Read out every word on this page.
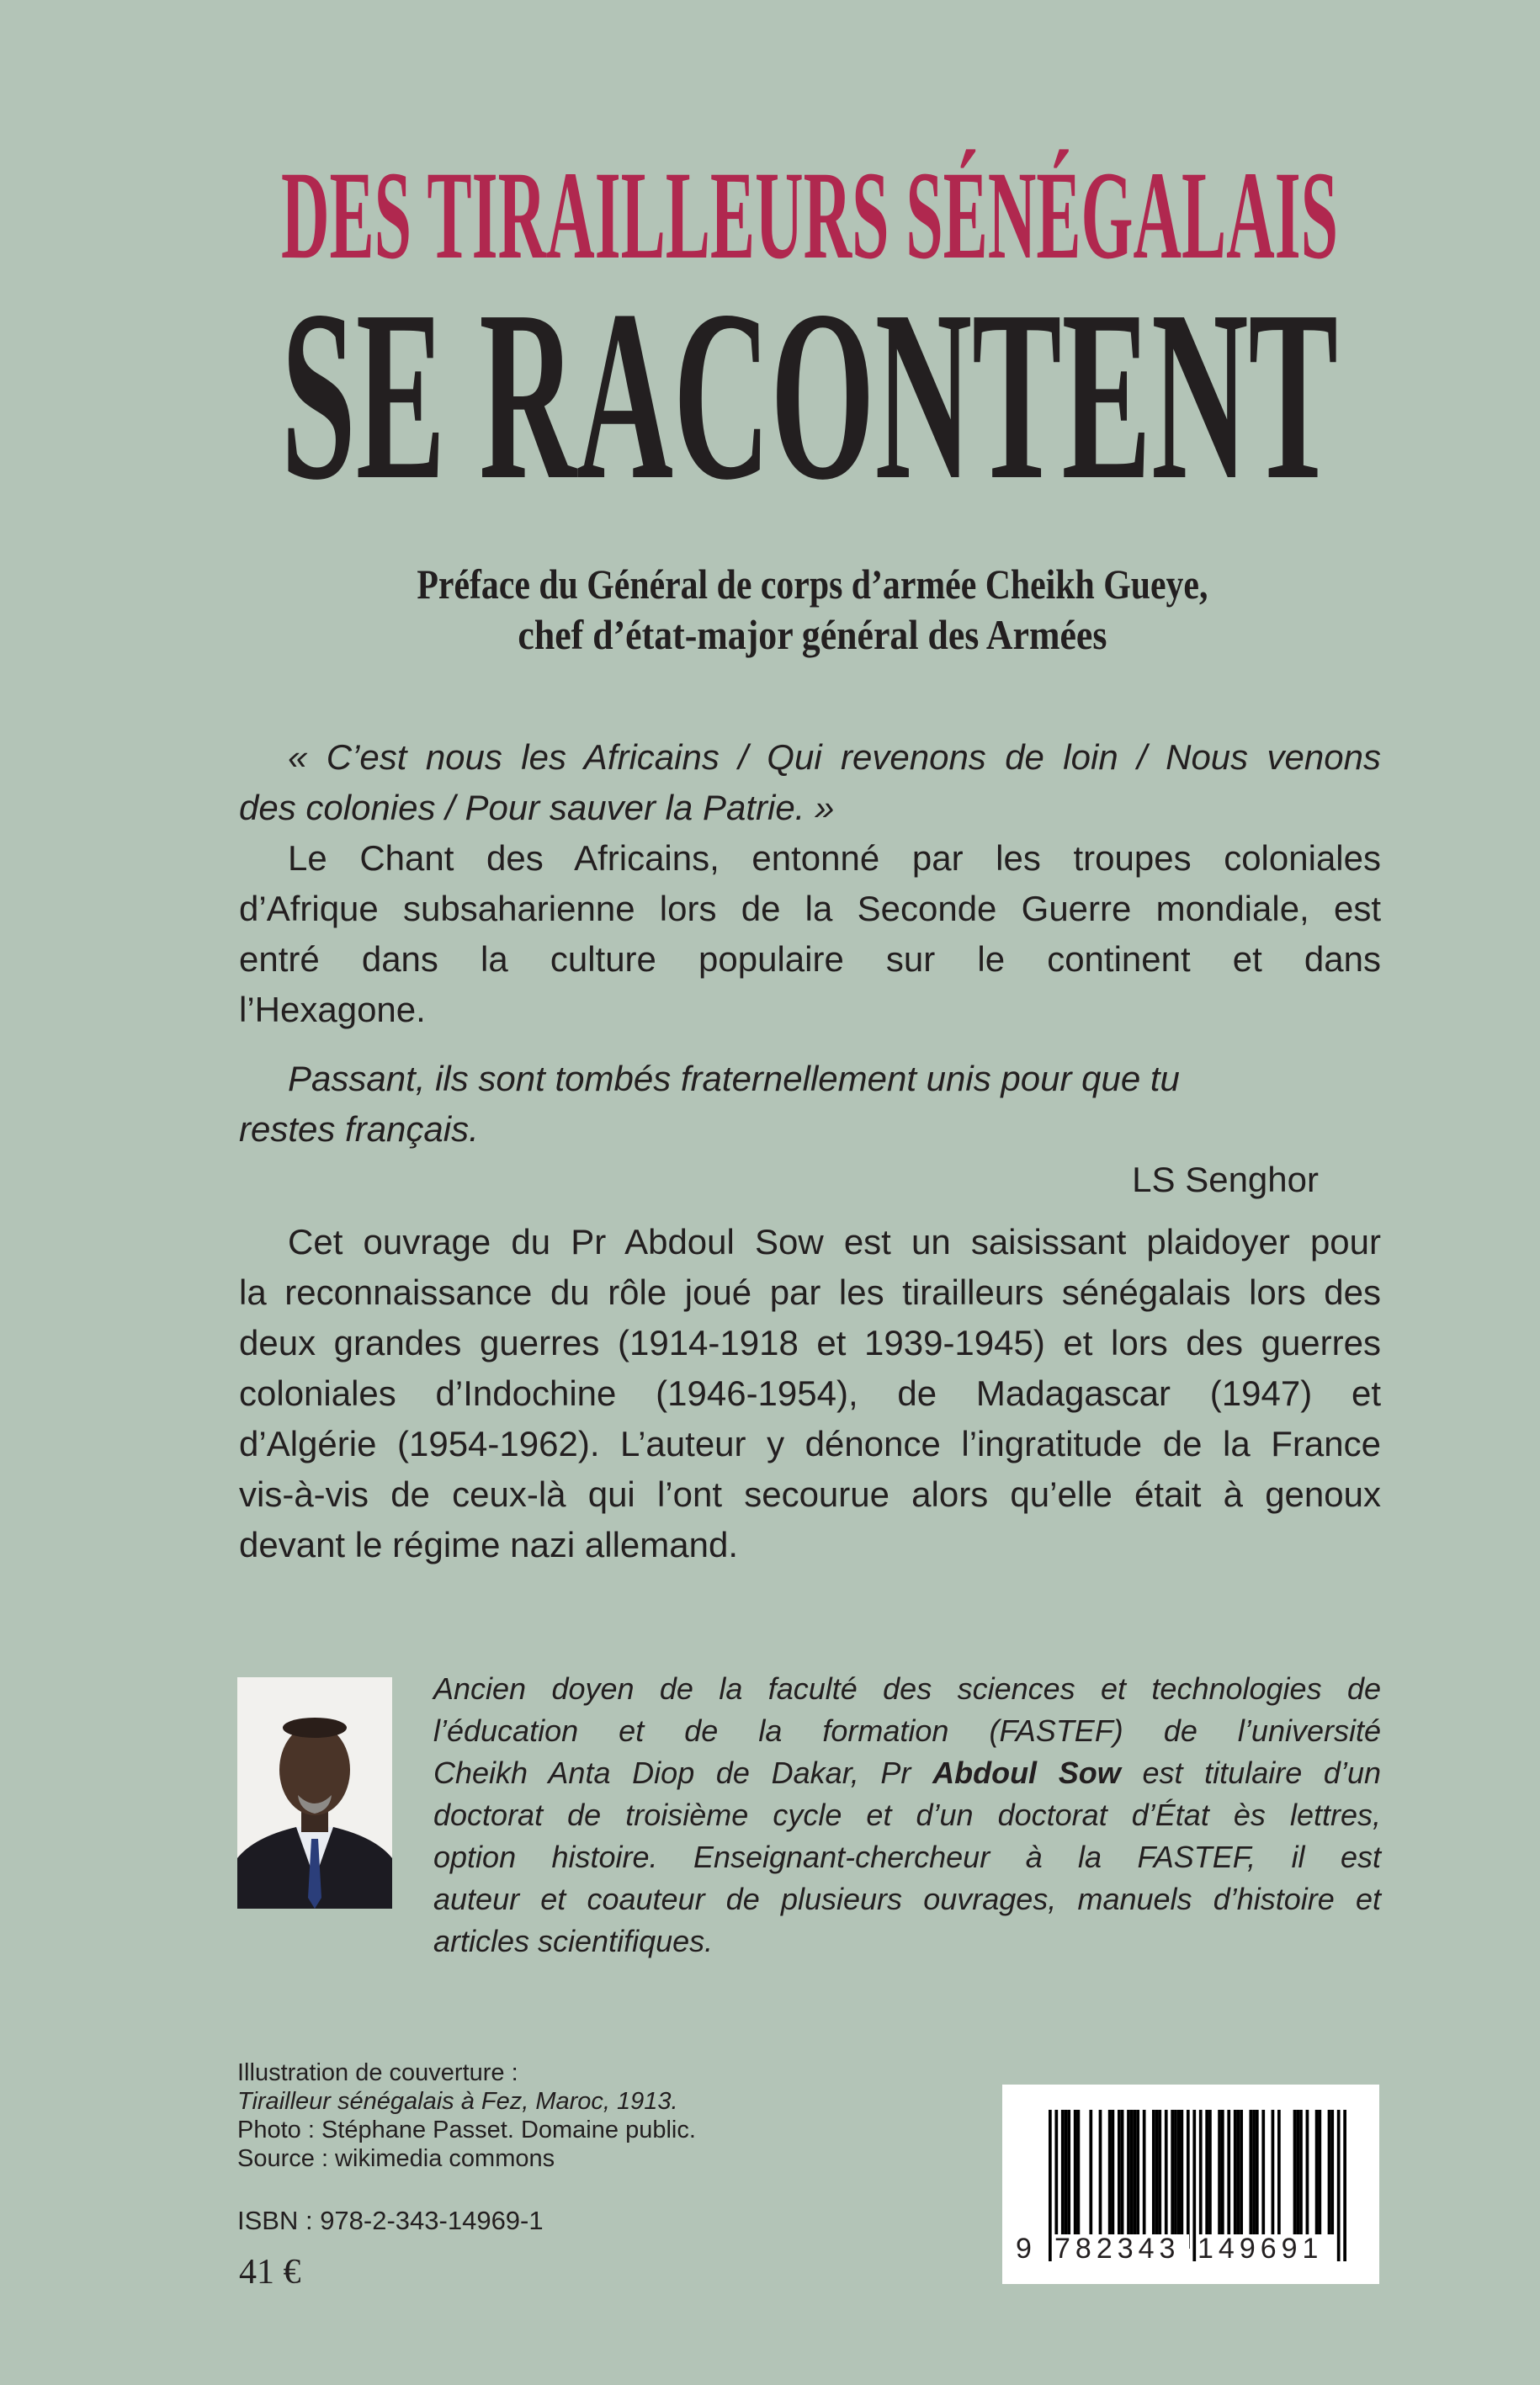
DES TIRAILLEURS SÉNÉGALAIS
SE RACONTENT
Préface du Général de corps d’armée Cheikh Gueye,
chef d’état-major général des Armées
« C’est nous les Africains / Qui revenons de loin / Nous venons
des colonies / Pour sauver la Patrie. »
Le Chant des Africains, entonné par les troupes coloniales
d’Afrique subsaharienne lors de la Seconde Guerre mondiale, est
entré dans la culture populaire sur le continent et dans
l’Hexagone.
Passant, ils sont tombés fraternellement unis pour que tu
restes français.
LS Senghor
Cet ouvrage du Pr Abdoul Sow est un saisissant plaidoyer pour
la reconnaissance du rôle joué par les tirailleurs sénégalais lors des
deux grandes guerres (1914-1918 et 1939-1945) et lors des guerres
coloniales d’Indochine (1946-1954), de Madagascar (1947) et
d’Algérie (1954-1962). L’auteur y dénonce l’ingratitude de la France
vis-à-vis de ceux-là qui l’ont secourue alors qu’elle était à genoux
devant le régime nazi allemand.
Ancien doyen de la faculté des sciences et technologies de
l’éducation et de la formation (FASTEF) de l’université
Cheikh Anta Diop de Dakar, Pr Abdoul Sow est titulaire d’un
doctorat de troisième cycle et d’un doctorat d’État ès lettres,
option histoire. Enseignant-chercheur à la FASTEF, il est
auteur et coauteur de plusieurs ouvrages, manuels d’histoire et
articles scientifiques.
Illustration de couverture :
Tirailleur sénégalais à Fez, Maroc, 1913.
Photo : Stéphane Passet. Domaine public.
Source : wikimedia commons
ISBN : 978-2-343-14969-1
41 €
9 782343 149691
